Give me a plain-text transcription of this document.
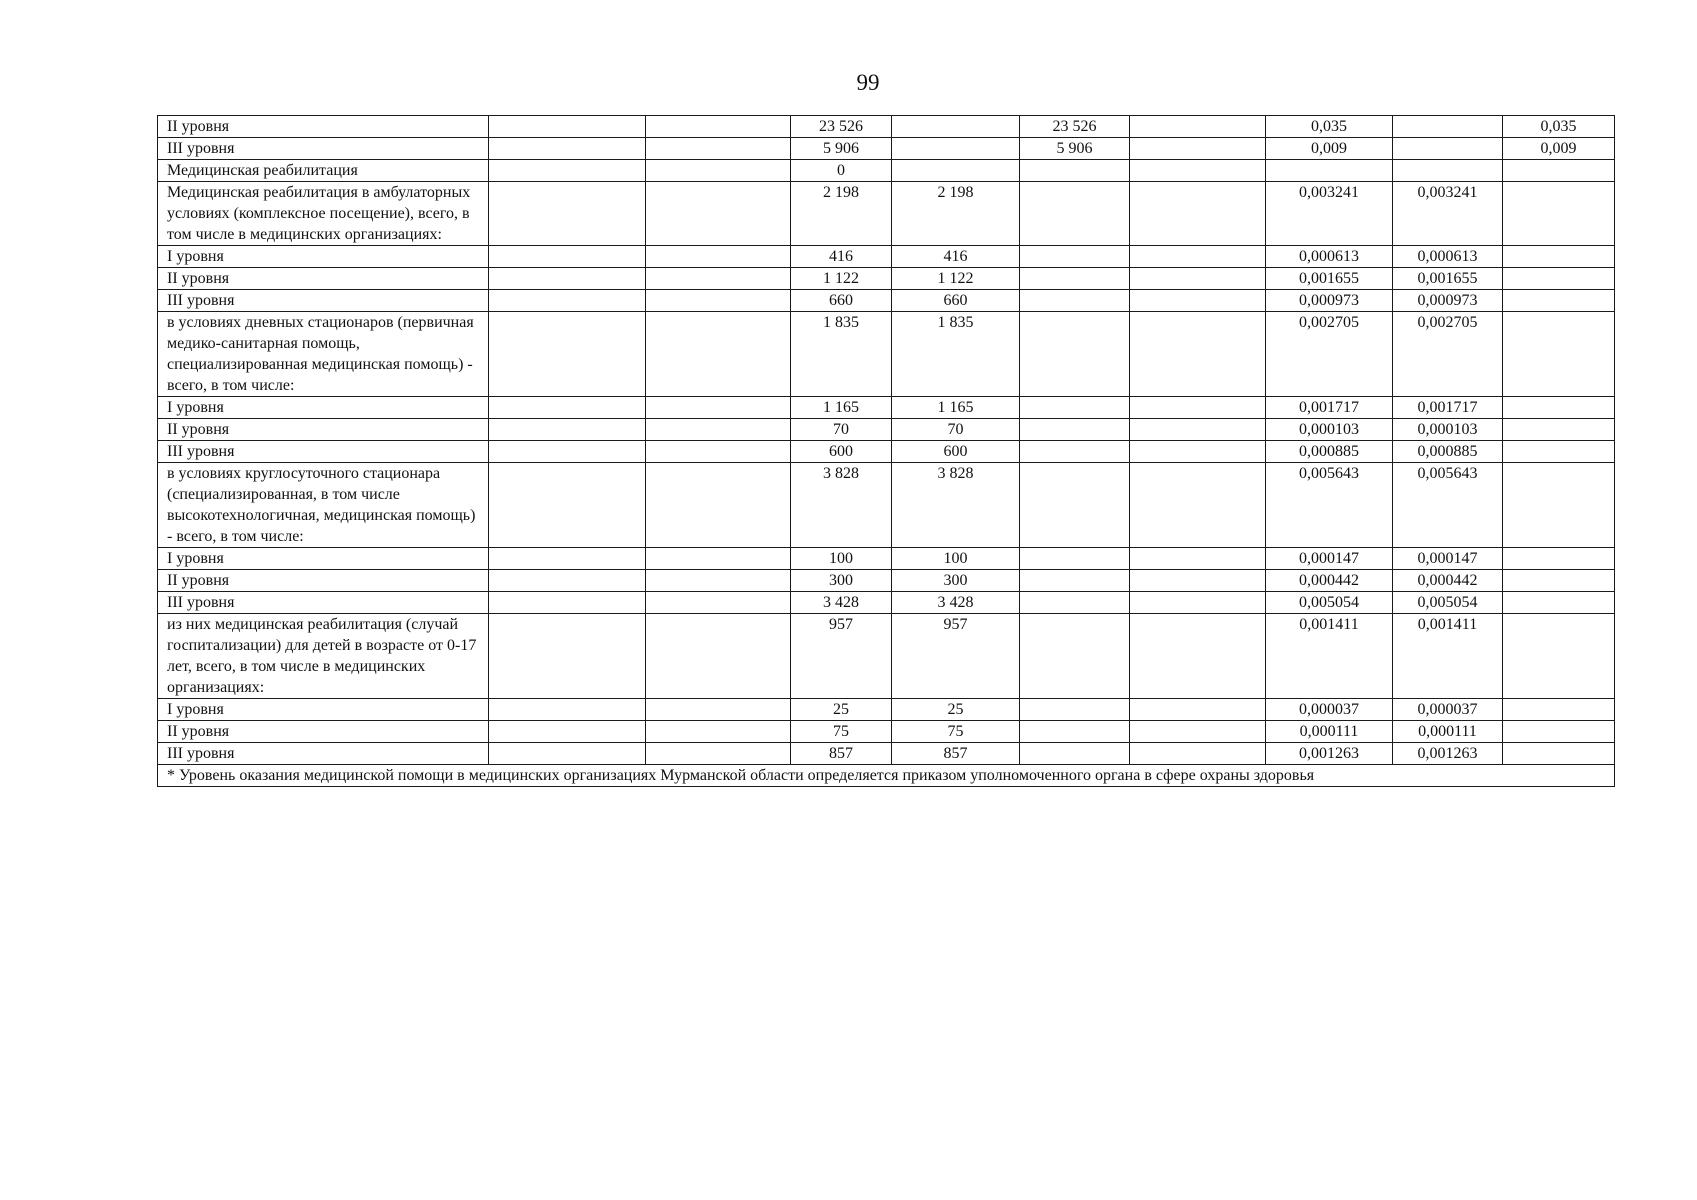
99
II уровня			23 526		23 526		0,035		0,035
III уровня			5 906		5 906		0,009		0,009
Медицинская реабилитация			0						
Медицинская реабилитация в амбулаторных условиях (комплексное посещение), всего, в том числе в медицинских организациях:			2 198	2 198			0,003241	0,003241	
I уровня			416	416			0,000613	0,000613	
II уровня			1 122	1 122			0,001655	0,001655	
III уровня			660	660			0,000973	0,000973	
в условиях дневных стационаров (первичная медико-санитарная помощь, специализированная медицинская помощь) - всего, в том числе:			1 835	1 835			0,002705	0,002705	
I уровня			1 165	1 165			0,001717	0,001717	
II уровня			70	70			0,000103	0,000103	
III уровня			600	600			0,000885	0,000885	
в условиях круглосуточного стационара (специализированная, в том числе высокотехнологичная, медицинская помощь) - всего, в том числе:			3 828	3 828			0,005643	0,005643	
I уровня			100	100			0,000147	0,000147	
II уровня			300	300			0,000442	0,000442	
III уровня			3 428	3 428			0,005054	0,005054	
из них медицинская реабилитация (случай госпитализации) для детей в возрасте от 0-17 лет, всего, в том числе в медицинских организациях:			957	957			0,001411	0,001411	
I уровня			25	25			0,000037	0,000037	
II уровня			75	75			0,000111	0,000111	
III уровня			857	857			0,001263	0,001263	
* Уровень оказания медицинской помощи в медицинских организациях Мурманской области определяется приказом уполномоченного органа в сфере охраны здоровья									
